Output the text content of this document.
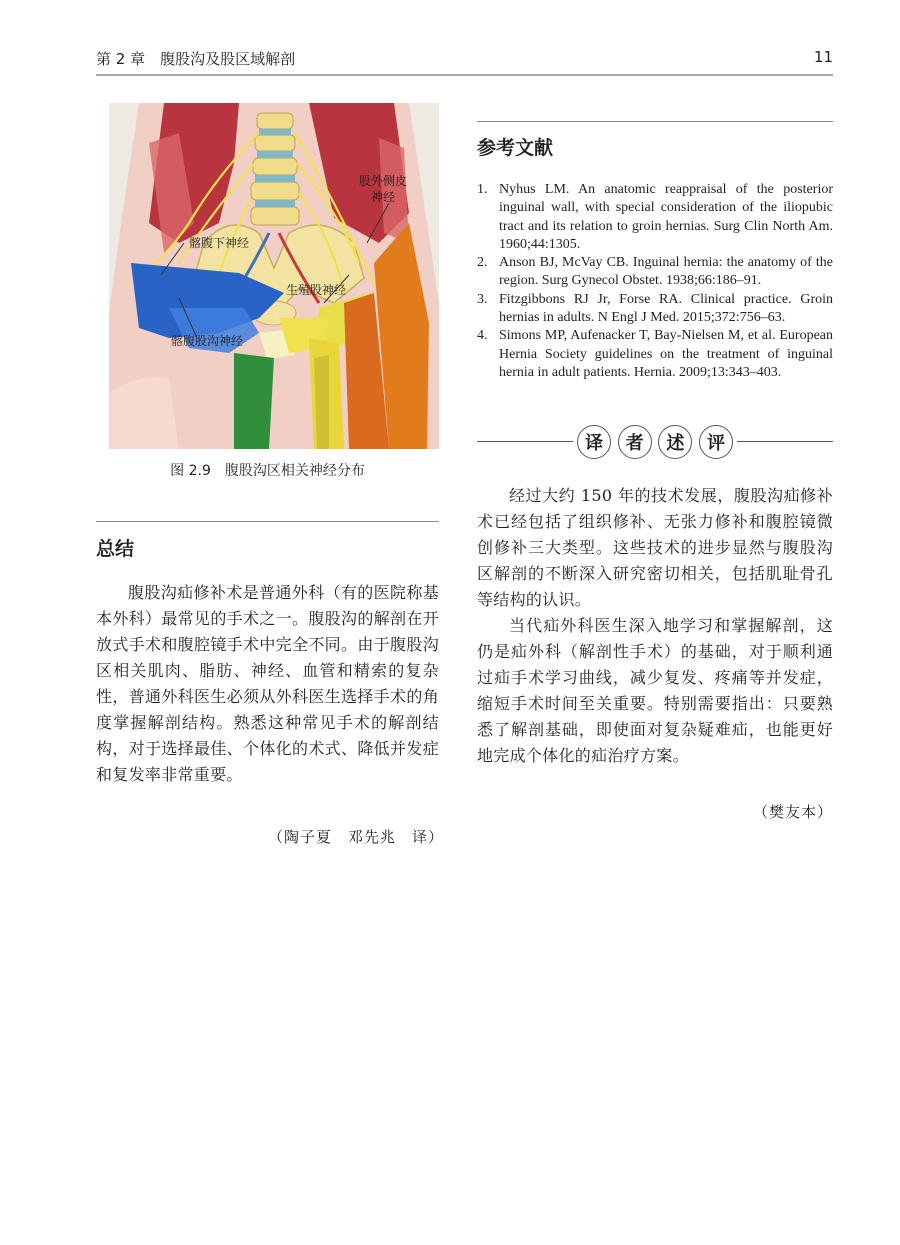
第 2 章　腹股沟及股区域解剖	11
股外侧皮
神经
髂腹下神经
生殖股神经
髂腹股沟神经
图 2.9　腹股沟区相关神经分布
总结

腹股沟疝修补术是普通外科（有的医院称基本外科）最常见的手术之一。腹股沟的解剖在开放式手术和腹腔镜手术中完全不同。由于腹股沟区相关肌肉、脂肪、神经、血管和精索的复杂性，普通外科医生必须从外科医生选择手术的角度掌握解剖结构。熟悉这种常见手术的解剖结构，对于选择最佳、个体化的术式、降低并发症和复发率非常重要。

（陶子夏　邓先兆　译）
参考文献
1. Nyhus LM. An anatomic reappraisal of the posterior inguinal wall, with special consideration of the iliopubic tract and its relation to groin hernias. Surg Clin North Am. 1960;44:1305.
2. Anson BJ, McVay CB. Inguinal hernia: the anatomy of the region. Surg Gynecol Obstet. 1938;66:186–91.
3. Fitzgibbons RJ Jr, Forse RA. Clinical practice. Groin hernias in adults. N Engl J Med. 2015;372:756–63.
4. Simons MP, Aufenacker T, Bay-Nielsen M, et al. European Hernia Society guidelines on the treatment of inguinal hernia in adult patients. Hernia. 2009;13:343–403.
译	者	述	评

经过大约 150 年的技术发展，腹股沟疝修补术已经包括了组织修补、无张力修补和腹腔镜微创修补三大类型。这些技术的进步显然与腹股沟区解剖的不断深入研究密切相关，包括肌耻骨孔等结构的认识。

当代疝外科医生深入地学习和掌握解剖，这仍是疝外科（解剖性手术）的基础，对于顺利通过疝手术学习曲线，减少复发、疼痛等并发症，缩短手术时间至关重要。特别需要指出：只要熟悉了解剖基础，即使面对复杂疑难疝，也能更好地完成个体化的疝治疗方案。

（樊友本）
